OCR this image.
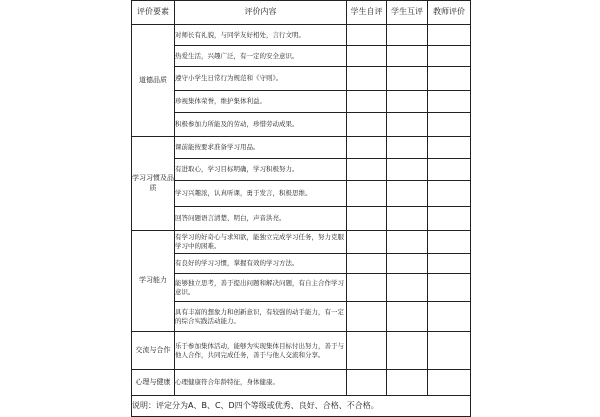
评价要素	评价内容	学生自评	学生互评	教师评价
道德品质	对师长有礼貌，与同学友好相处，言行文明。			
	热爱生活，兴趣广泛，有一定的安全意识。			
	遵守小学生日常行为规范和《守则》。			
	珍视集体荣誉，维护集体利益。			
	积极参加力所能及的劳动，珍惜劳动成果。			
学习习惯及品质	课前能按要求准备学习用品。			
	有进取心，学习目标明确，学习积极努力。			
	学习兴趣浓，认真听课，勇于发言，积极思维。			
	回答问题语言清楚、明白，声音洪亮。			
学习能力	有学习的好奇心与求知欲，能独立完成学习任务，努力克服学习中的困难。			
	有良好的学习习惯，掌握有效的学习方法。			
	能够独立思考，善于提出问题和解决问题，有自主合作学习意识。			
	具有丰富的想象力和创新意识，有较强的动手能力，有一定的综合实践活动能力。			
交流与合作	乐于参加集体活动，能够为实现集体目标付出努力，善于与他人合作，共同完成任务，善于与他人交流和分享。			
心理与健康	心理健康符合年龄特征，身体健康。			
说明：评定分为A、B、C、D四个等级或优秀、良好、合格、不合格。				
